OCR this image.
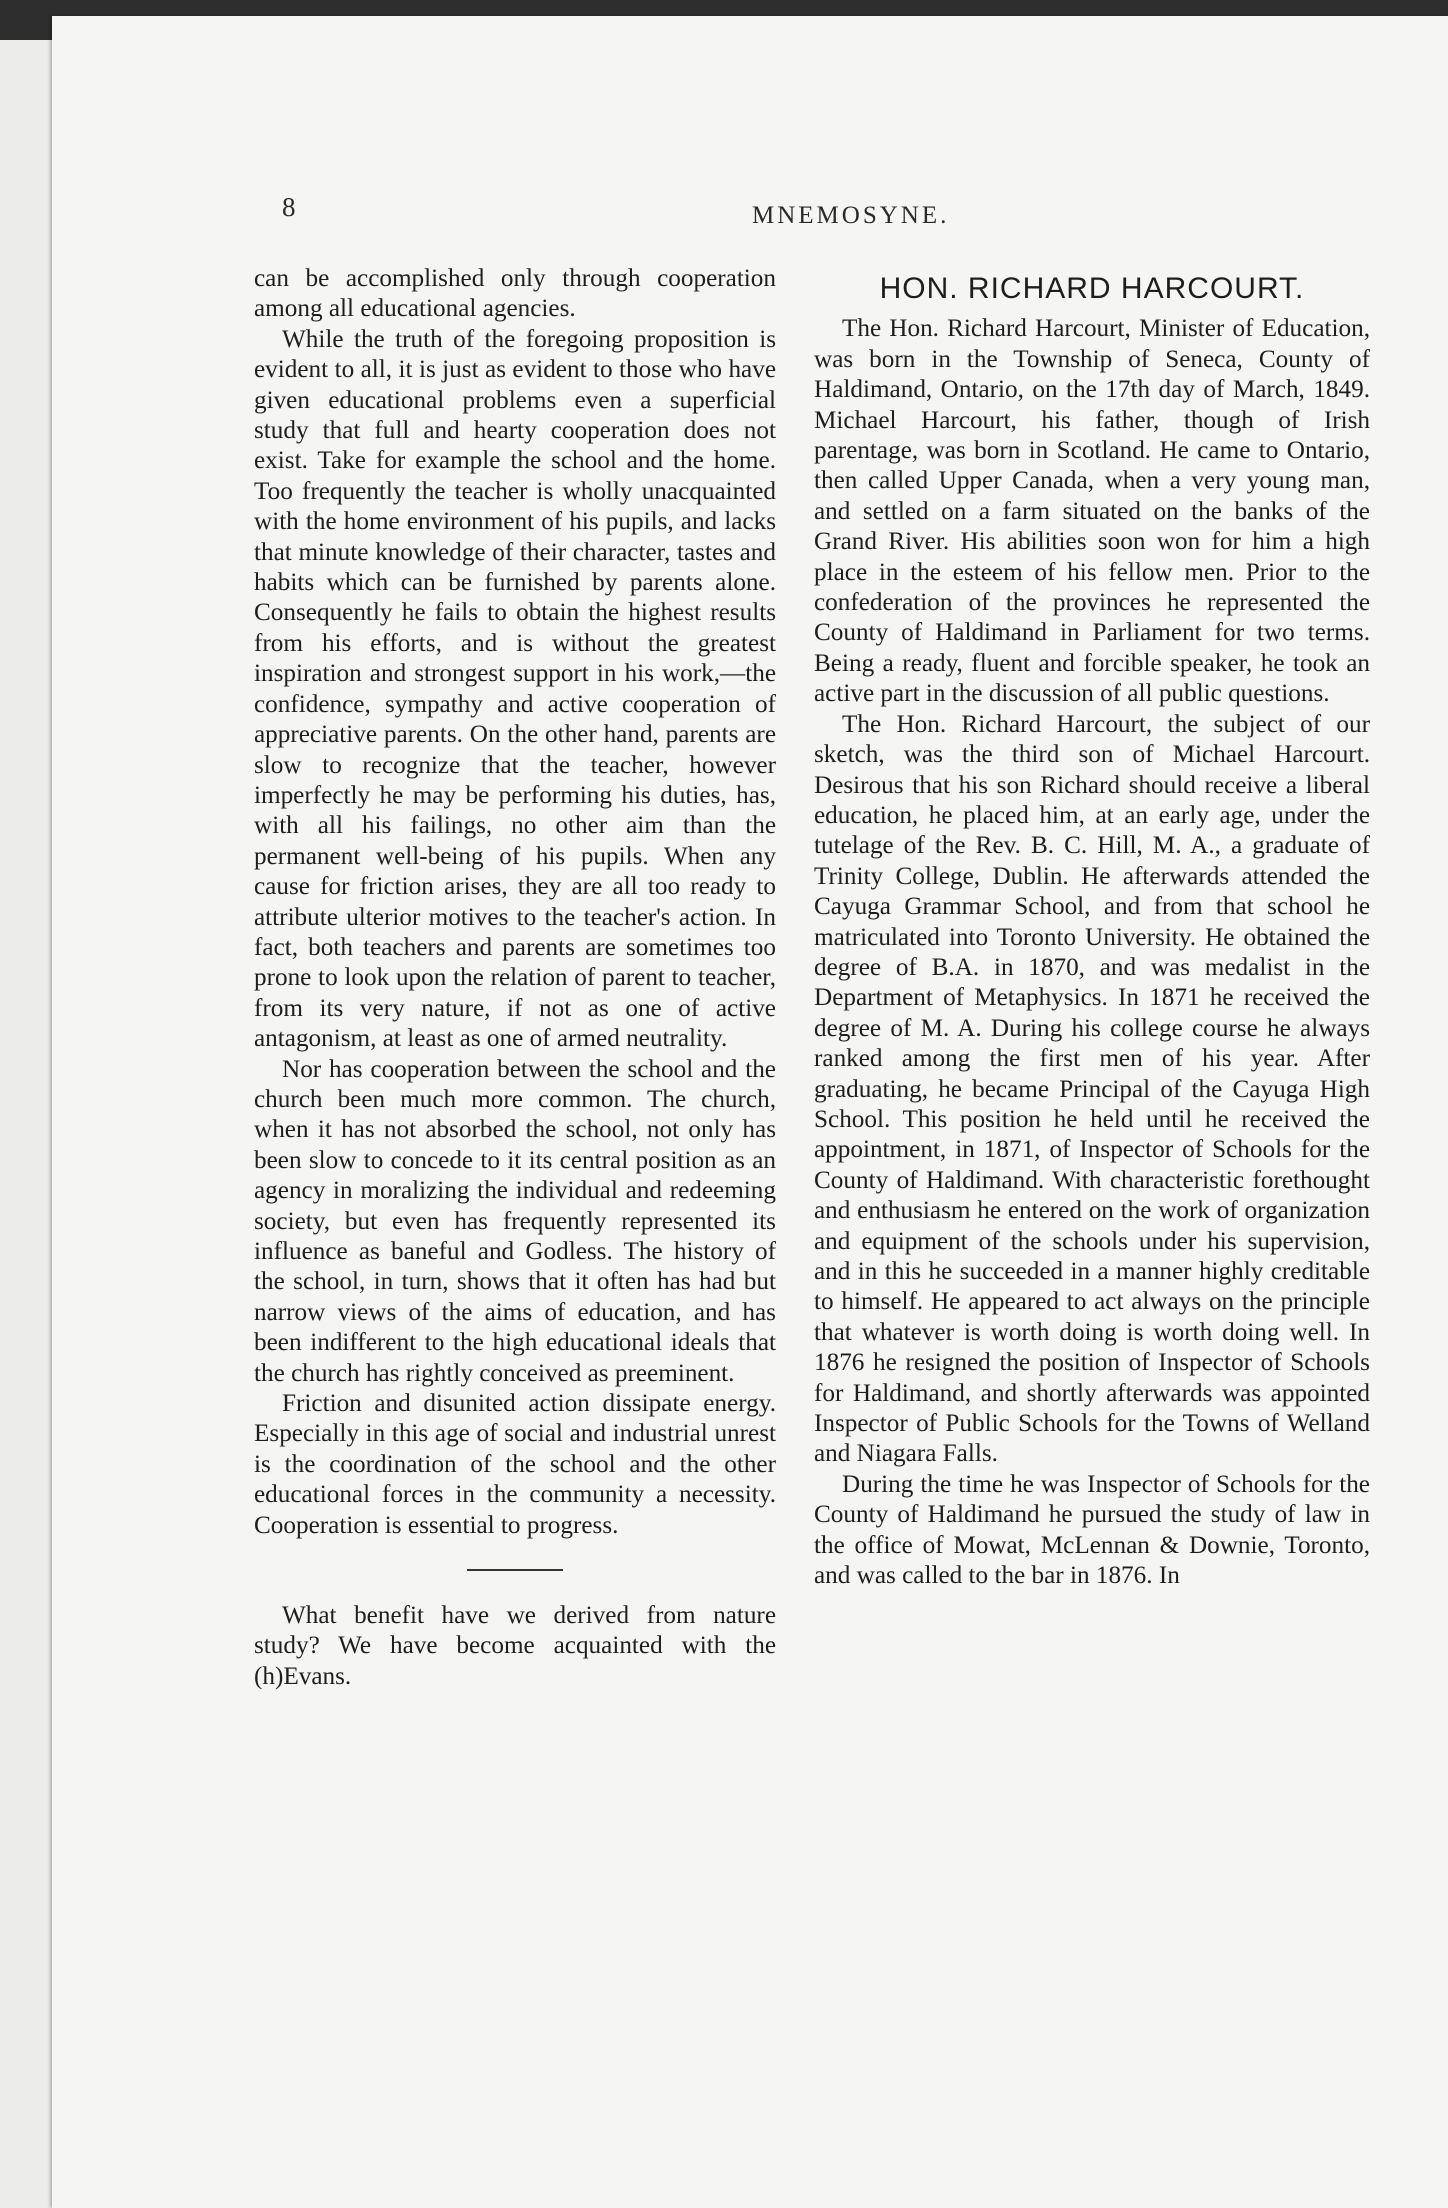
8	MNEMOSYNE.

can be accomplished only through cooperation among all educational agencies.

While the truth of the foregoing proposition is evident to all, it is just as evident to those who have given educational problems even a superficial study that full and hearty cooperation does not exist. Take for example the school and the home. Too frequently the teacher is wholly unacquainted with the home environment of his pupils, and lacks that minute knowledge of their character, tastes and habits which can be furnished by parents alone. Consequently he fails to obtain the highest results from his efforts, and is without the greatest inspiration and strongest support in his work,—the confidence, sympathy and active cooperation of appreciative parents. On the other hand, parents are slow to recognize that the teacher, however imperfectly he may be performing his duties, has, with all his failings, no other aim than the permanent well-being of his pupils. When any cause for friction arises, they are all too ready to attribute ulterior motives to the teacher's action. In fact, both teachers and parents are sometimes too prone to look upon the relation of parent to teacher, from its very nature, if not as one of active antagonism, at least as one of armed neutrality.

Nor has cooperation between the school and the church been much more common. The church, when it has not absorbed the school, not only has been slow to concede to it its central position as an agency in moralizing the individual and redeeming society, but even has frequently represented its influence as baneful and Godless. The history of the school, in turn, shows that it often has had but narrow views of the aims of education, and has been indifferent to the high educational ideals that the church has rightly conceived as preeminent.

Friction and disunited action dissipate energy. Especially in this age of social and industrial unrest is the coordination of the school and the other educational forces in the community a necessity. Cooperation is essential to progress.

What benefit have we derived from nature study? We have become acquainted with the (h)Evans.

HON. RICHARD HARCOURT.

The Hon. Richard Harcourt, Minister of Education, was born in the Township of Seneca, County of Haldimand, Ontario, on the 17th day of March, 1849. Michael Harcourt, his father, though of Irish parentage, was born in Scotland. He came to Ontario, then called Upper Canada, when a very young man, and settled on a farm situated on the banks of the Grand River. His abilities soon won for him a high place in the esteem of his fellow men. Prior to the confederation of the provinces he represented the County of Haldimand in Parliament for two terms. Being a ready, fluent and forcible speaker, he took an active part in the discussion of all public questions.

The Hon. Richard Harcourt, the subject of our sketch, was the third son of Michael Harcourt. Desirous that his son Richard should receive a liberal education, he placed him, at an early age, under the tutelage of the Rev. B. C. Hill, M. A., a graduate of Trinity College, Dublin. He afterwards attended the Cayuga Grammar School, and from that school he matriculated into Toronto University. He obtained the degree of B.A. in 1870, and was medalist in the Department of Metaphysics. In 1871 he received the degree of M. A. During his college course he always ranked among the first men of his year. After graduating, he became Principal of the Cayuga High School. This position he held until he received the appointment, in 1871, of Inspector of Schools for the County of Haldimand. With characteristic forethought and enthusiasm he entered on the work of organization and equipment of the schools under his supervision, and in this he succeeded in a manner highly creditable to himself. He appeared to act always on the principle that whatever is worth doing is worth doing well. In 1876 he resigned the position of Inspector of Schools for Haldimand, and shortly afterwards was appointed Inspector of Public Schools for the Towns of Welland and Niagara Falls.

During the time he was Inspector of Schools for the County of Haldimand he pursued the study of law in the office of Mowat, McLennan & Downie, Toronto, and was called to the bar in 1876. In
